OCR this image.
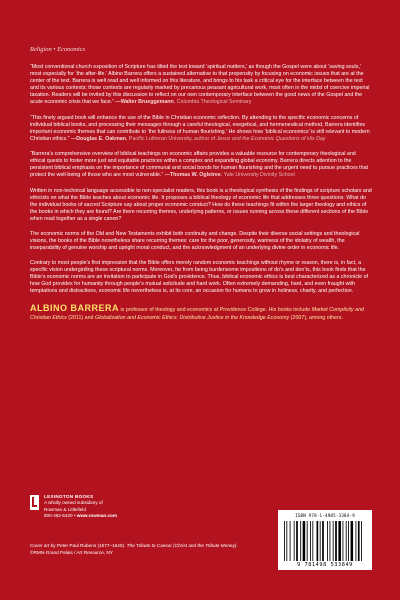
Religion • Economics

“Most conventional church exposition of Scripture has tilted the text toward ‘spiritual matters,’ as though the Gospel were about ‘saving souls,’ most especially for ‘the after-life.’ Albino Barrera offers a sustained alternative to that propensity by focusing on economic issues that are at the center of the text. Barrera is well read and well informed on this literature, and brings to his task a critical eye for the interface between the text and its various contexts; those contexts are regularly marked by precarious peasant agricultural work, most often in the midst of coercive imperial taxation. Readers will be invited by this discussion to reflect on our own contemporary interface between the good news of the Gospel and the acute economic crisis that we face.” —Walter Brueggemann, Columbia Theological Seminary

“This finely argued book will enhance the use of the Bible in Christian economic reflection. By attending to the specific economic concerns of individual biblical books, and processing their messages through a careful theological, exegetical, and hermeneutical method, Barrera identifies important economic themes that can contribute to ‘the fullness of human flourishing.’ He shows how ‘biblical economics’ is still relevant to modern Christian ethics.” —Douglas E. Oakman, Pacific Lutheran University, author of Jesus and the Economic Questions of His Day

“Barrera’s comprehensive overview of biblical teachings on economic affairs provides a valuable resource for contemporary theological and ethical quests to foster more just and equitable practices within a complex and expanding global economy. Barrera directs attention to the persistent biblical emphasis on the importance of communal and social bonds for human flourishing and the urgent need to pursue practices that protect the well-being of those who are most vulnerable.” —Thomas W. Ogletree, Yale University Divinity School

Written in non-technical language accessible to non-specialist readers, this book is a theological synthesis of the findings of scripture scholars and ethicists on what the Bible teaches about economic life. It proposes a biblical theology of economic life that addresses three questions: What do the individual books of sacred Scripture say about proper economic conduct? How do these teachings fit within the larger theology and ethics of the books in which they are found? Are there recurring themes, underlying patterns, or issues running across these different sections of the Bible when read together as a single canon?

The economic norms of the Old and New Testaments exhibit both continuity and change. Despite their diverse social settings and theological visions, the books of the Bible nonetheless share recurring themes: care for the poor, generosity, wariness of the idolatry of wealth, the inseparability of genuine worship and upright moral conduct, and the acknowledgment of an underlying divine order in economic life.

Contrary to most people’s first impression that the Bible offers merely random economic teachings without rhyme or reason, there is, in fact, a specific vision undergirding these scriptural norms. Moreover, far from being burdensome impositions of do’s and don’ts, this book finds that the Bible’s economic norms are an invitation to participate in God’s providence. Thus, biblical economic ethics is best characterized as a chronicle of how God provides for humanity through people’s mutual solicitude and hard work. Often extremely demanding, hard, and even fraught with temptations and distractions, economic life nevertheless is, at its core, an occasion for humans to grow in holiness, charity, and perfection.

ALBINO BARRERA is professor of theology and economics at Providence College. His books include Market Complicity and Christian Ethics (2011) and Globalization and Economic Ethics: Distributive Justice in the Knowledge Economy (2007), among others.
LEXINGTON BOOKS
A wholly owned subsidiary of
Rowman & Littlefield
800-462-6420 • www.rowman.com	ISBN 978-1-4985-3384-9
9 781498 533849
Cover art by Peter Paul Rubens (1577–1640). The Tribute to Caesar (Christ and the Tribute Money).
©RMN-Grand Palais / Art Resource, NY
